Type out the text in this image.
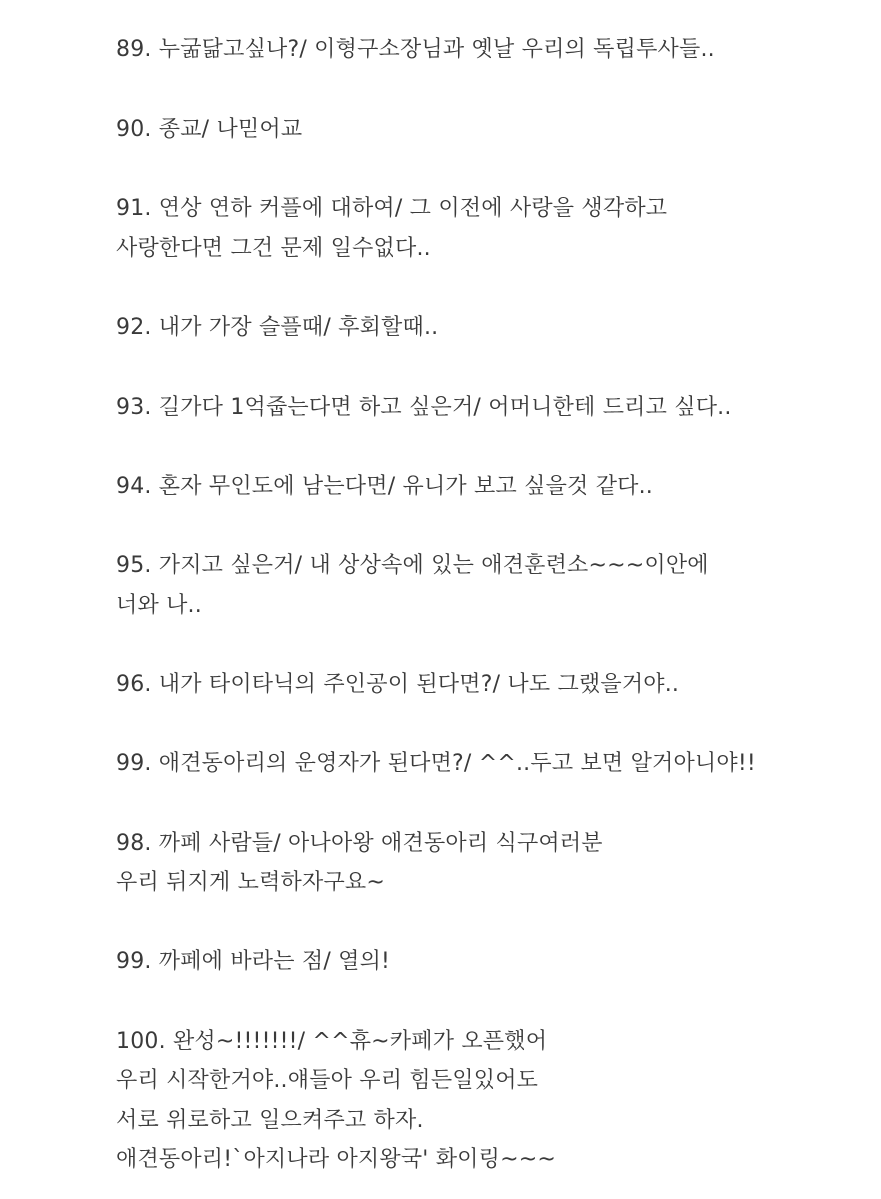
89. 누굶닮고싶나?/ 이형구소장님과 옛날 우리의 독립투사들..
90. 종교/ 나믿어교
91. 연상 연하 커플에 대하여/ 그 이전에 사랑을 생각하고
사랑한다면 그건 문제 일수없다..
92. 내가 가장 슬플때/ 후회할때..
93. 길가다 1억줍는다면 하고 싶은거/ 어머니한테 드리고 싶다..
94. 혼자 무인도에 남는다면/ 유니가 보고 싶을것 같다..
95. 가지고 싶은거/ 내 상상속에 있는 애견훈련소~~~이안에
너와 나..
96. 내가 타이타닉의 주인공이 된다면?/ 나도 그랬을거야..
99. 애견동아리의 운영자가 된다면?/ ^^..두고 보면 알거아니야!!
98. 까페 사람들/ 아나아왕 애견동아리 식구여러분
우리 뒤지게 노력하자구요~
99. 까페에 바라는 점/ 열의!
100. 완성~!!!!!!!/ ^^휴~카페가 오픈했어
우리 시작한거야..얘들아 우리 힘든일있어도
서로 위로하고 일으켜주고 하자.
애견동아리!`아지나라 아지왕국' 화이링~~~
